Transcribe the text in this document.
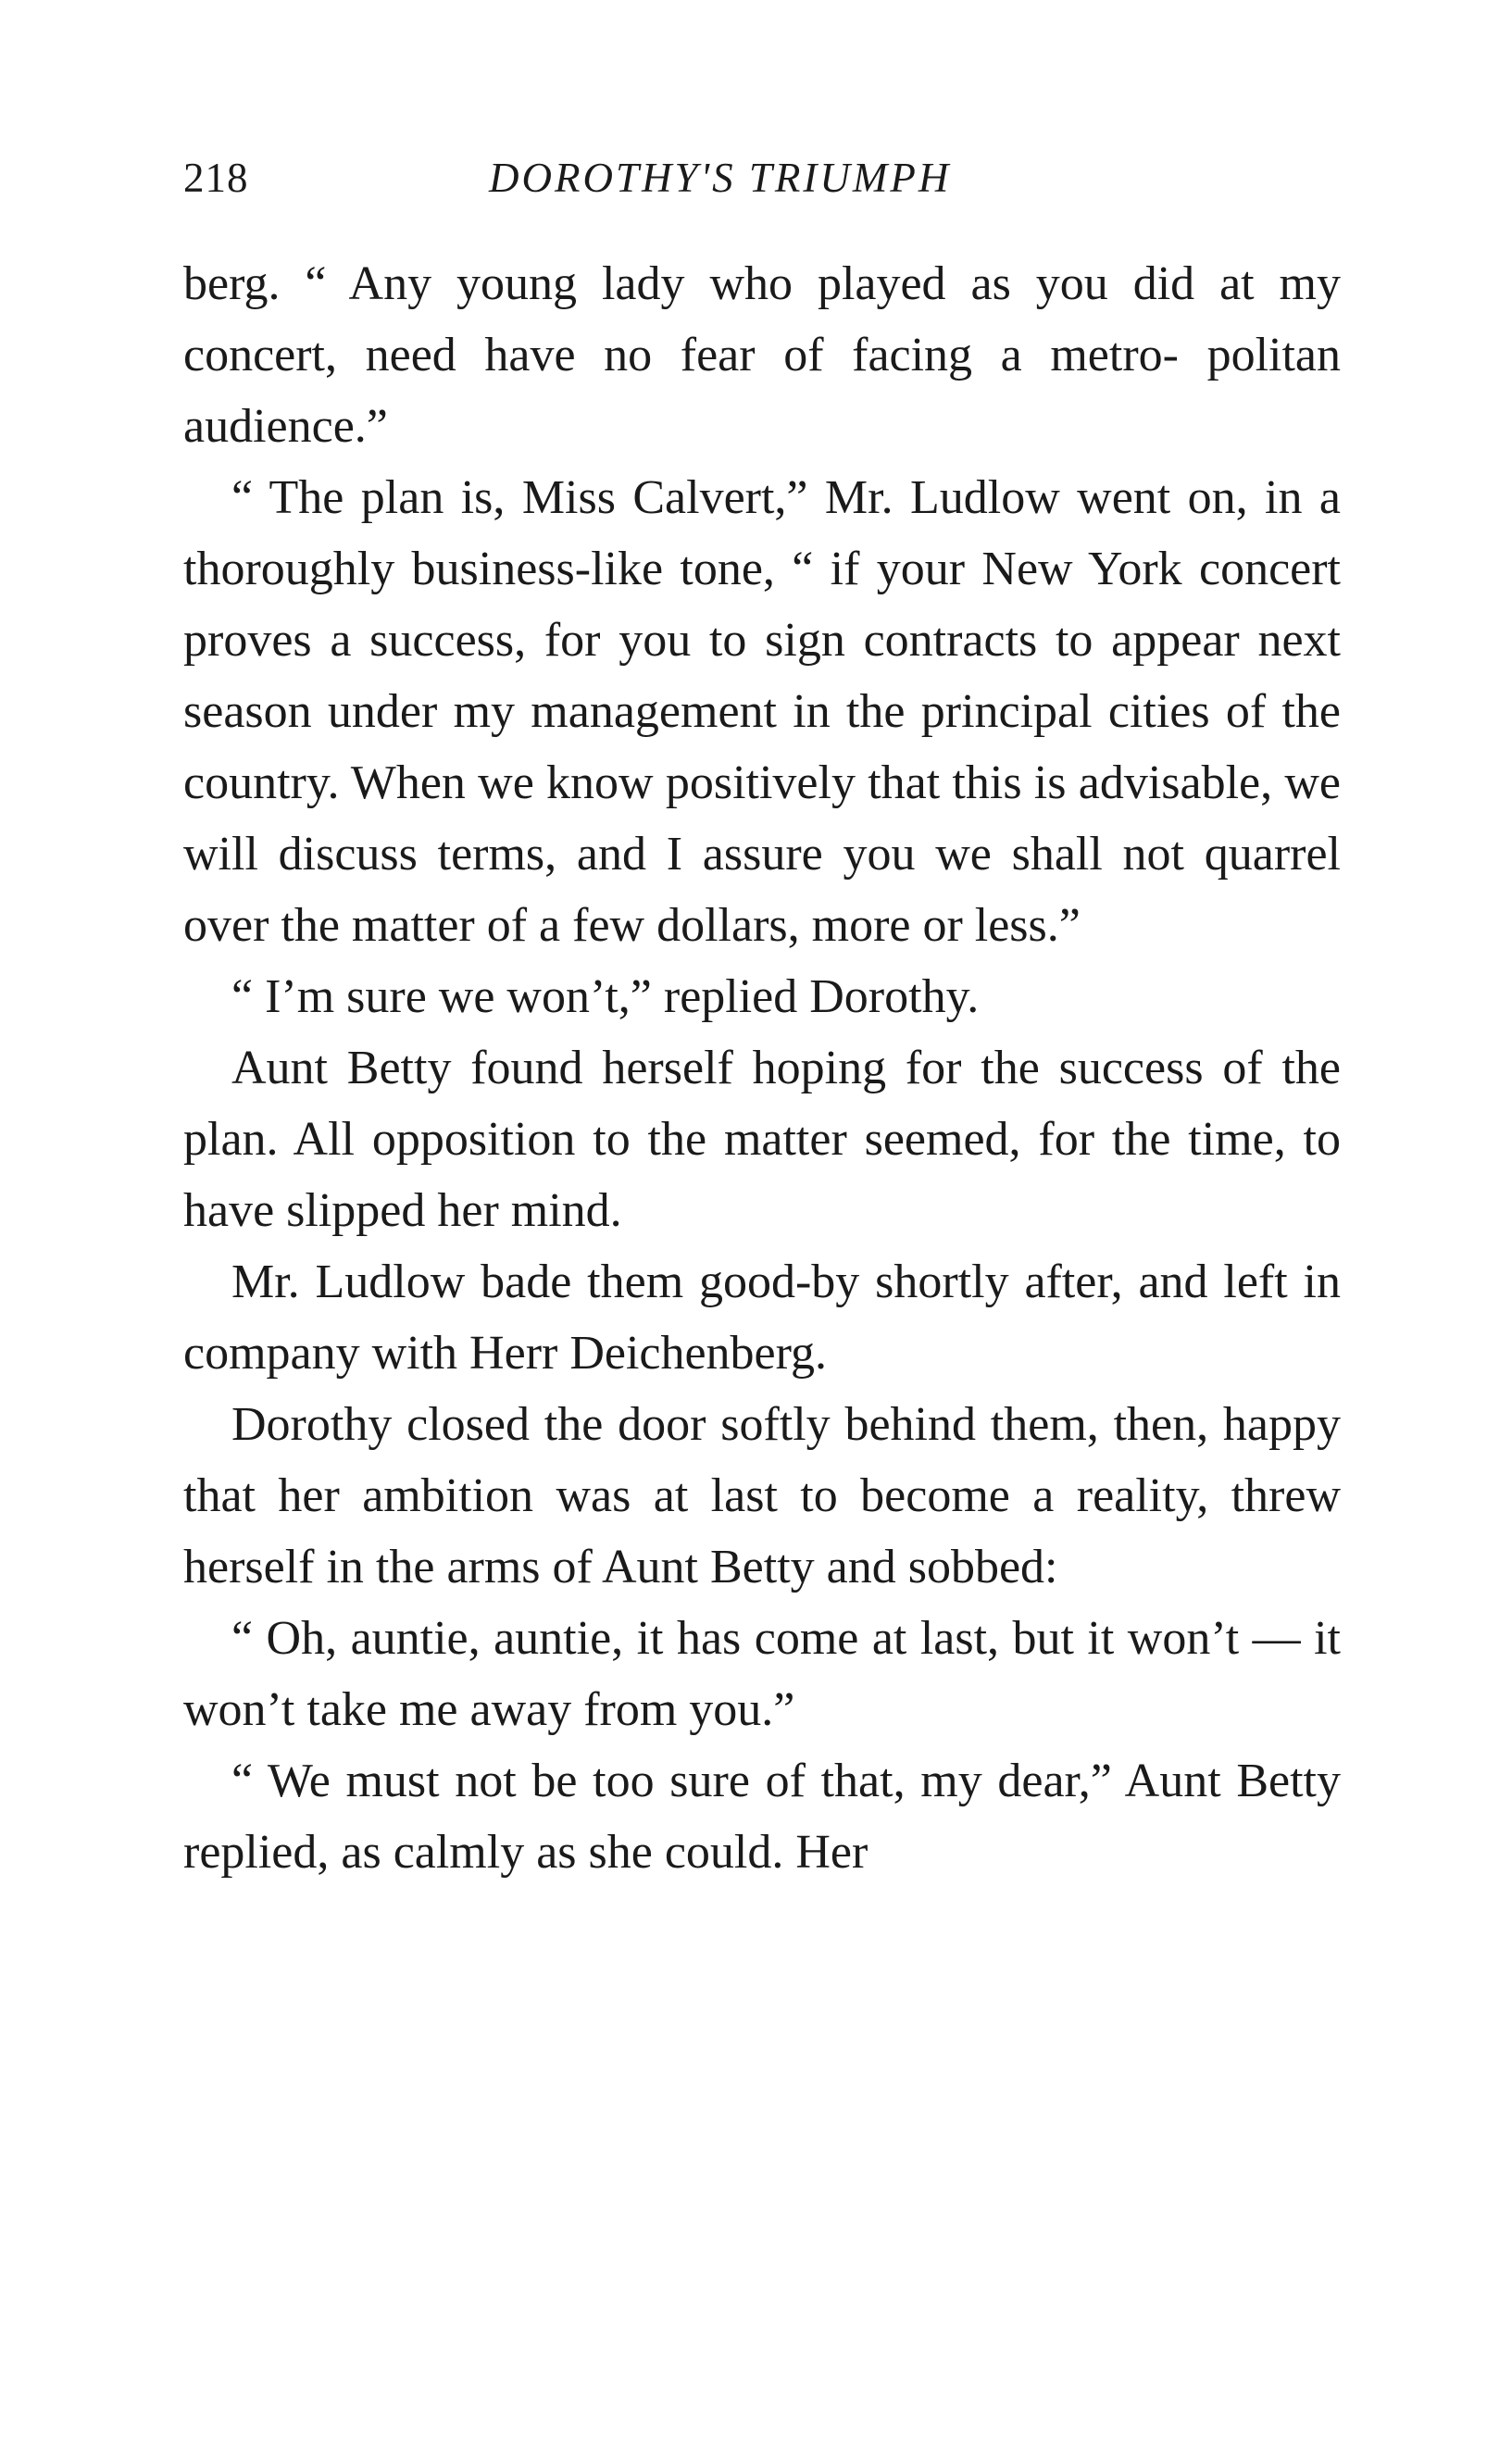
218	DOROTHY'S TRIUMPH

berg. “ Any young lady who played as you did at my concert, need have no fear of facing a metro- politan audience.”

“ The plan is, Miss Calvert,” Mr. Ludlow went on, in a thoroughly business-like tone, “ if your New York concert proves a success, for you to sign contracts to appear next season under my management in the principal cities of the country. When we know positively that this is advisable, we will discuss terms, and I assure you we shall not quarrel over the matter of a few dollars, more or less.”

“ I’m sure we won’t,” replied Dorothy.

Aunt Betty found herself hoping for the success of the plan. All opposition to the matter seemed, for the time, to have slipped her mind.

Mr. Ludlow bade them good-by shortly after, and left in company with Herr Deichenberg.

Dorothy closed the door softly behind them, then, happy that her ambition was at last to become a reality, threw herself in the arms of Aunt Betty and sobbed:

“ Oh, auntie, auntie, it has come at last, but it won’t — it won’t take me away from you.”

“ We must not be too sure of that, my dear,” Aunt Betty replied, as calmly as she could. Her
